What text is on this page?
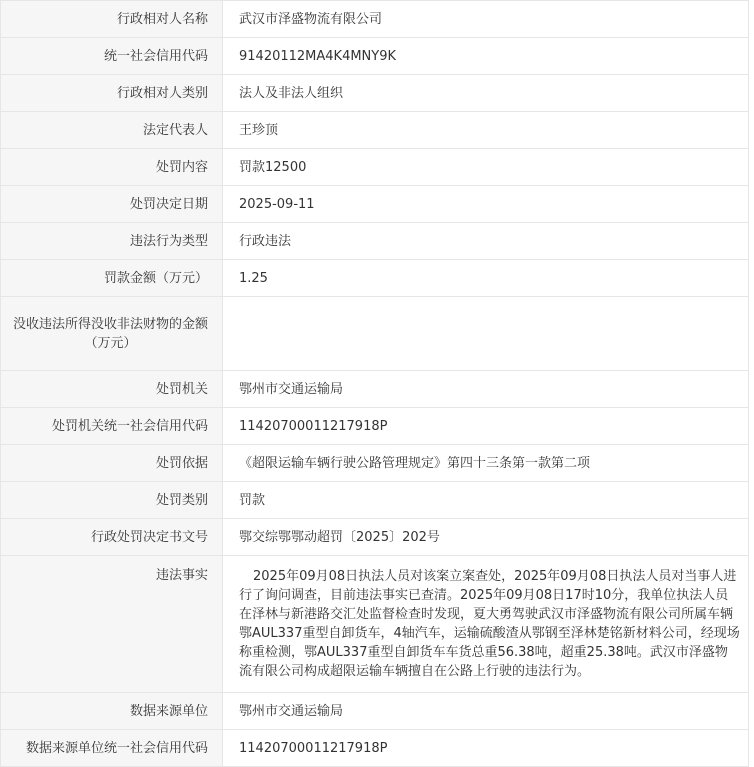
行政相对人名称	武汉市泽盛物流有限公司
统一社会信用代码	91420112MA4K4MNY9K
行政相对人类别	法人及非法人组织
法定代表人	王珍顶
处罚内容	罚款12500
处罚决定日期	2025-09-11
违法行为类型	行政违法
罚款金额（万元）	1.25
没收违法所得没收非法财物的金额（万元）	
处罚机关	鄂州市交通运输局
处罚机关统一社会信用代码	11420700011217918P
处罚依据	《超限运输车辆行驶公路管理规定》第四十三条第一款第二项
处罚类别	罚款
行政处罚决定书文号	鄂交综鄂鄂动超罚〔2025〕202号
违法事实	2025年09月08日执法人员对该案立案查处，2025年09月08日执法人员对当事人进行了询问调查，目前违法事实已查清。2025年09月08日17时10分，我单位执法人员在泽林与新港路交汇处监督检查时发现，夏大勇驾驶武汉市泽盛物流有限公司所属车辆鄂AUL337重型自卸货车，4轴汽车，运输硫酸渣从鄂钢至泽林楚铭新材料公司，经现场称重检测，鄂AUL337重型自卸货车车货总重56.38吨，超重25.38吨。武汉市泽盛物流有限公司构成超限运输车辆擅自在公路上行驶的违法行为。
数据来源单位	鄂州市交通运输局
数据来源单位统一社会信用代码	11420700011217918P
